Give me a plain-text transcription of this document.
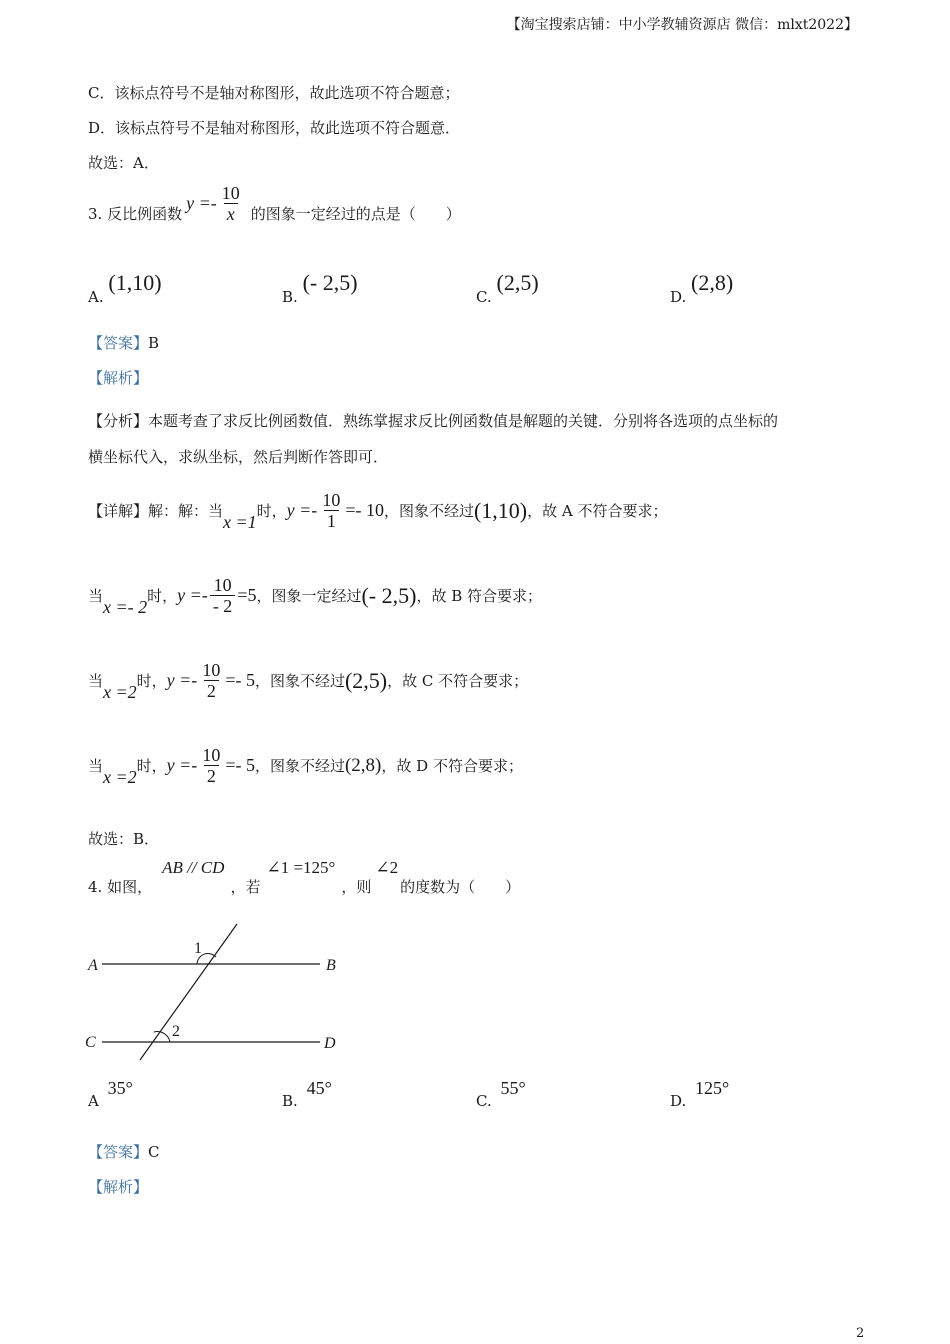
【淘宝搜索店铺：中小学教辅资源店 微信：mlxt2022】
C．该标点符号不是轴对称图形，故此选项不符合题意；
D．该标点符号不是轴对称图形，故此选项不符合题意．
故选：A．
3. 反比例函数
$y =- \frac{10}{x}$ 的图象一定经过的点是（　　）
A. (1,10)
B. (- 2,5)
C. (2,5)
D. (2,8)
【答案】B
【解析】
【分析】本题考查了求反比例函数值．熟练掌握求反比例函数值是解题的关键．分别将各选项的点坐标的
横坐标代入，求纵坐标，然后判断作答即可．
【详解】解：解：当
x =1
时， $y =- \frac{10}{1} =- 10$ ，图象不经过 (1,10) ，故 A 不符合要求；
当
x =- 2
时， $y =- \frac{10}{- 2} =5$ ，图象一定经过 (- 2,5) ，故 B 符合要求；
当
x =2
时， $y =- \frac{10}{2} =- 5$ ，图象不经过 (2,5) ，故 C 不符合要求；
当
x =2
时， $y =- \frac{10}{2} =- 5$ ，图象不经过 (2,8) ，故 D 不符合要求；
故选：B．
4. 如图，
AB // CD
，若
∠1 =125°
，则
∠2
的度数为（　　）
A	B
C	D
1
2
A 35°
B. 45°
C. 55°
D. 125°
【答案】C
【解析】
2
